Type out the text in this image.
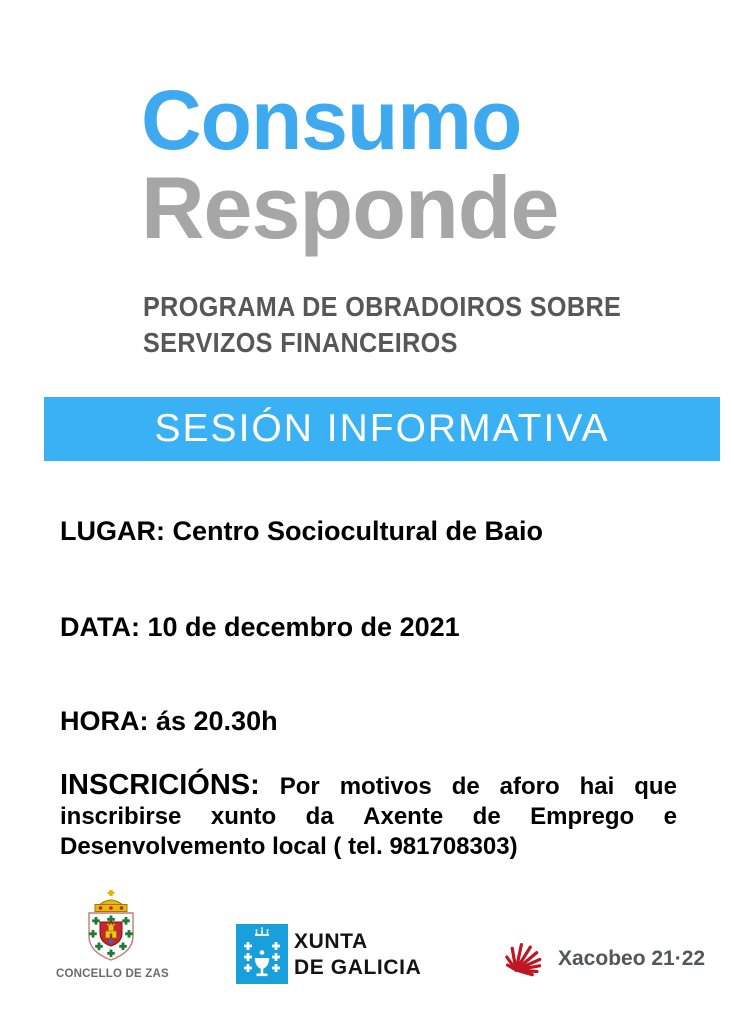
Consumo
Responde
PROGRAMA DE OBRADOIROS SOBRE
SERVIZOS FINANCEIROS
SESIÓN INFORMATIVA
LUGAR: Centro Sociocultural de Baio
DATA: 10 de decembro de 2021
HORA: ás 20.30h
INSCRICIÓNS: Por motivos de aforo hai que
inscribirse xunto da Axente de Emprego e
Desenvolvemento local ( tel. 981708303)
CONCELLO DE ZAS
XUNTA
DE GALICIA	Xacobeo 21·22
